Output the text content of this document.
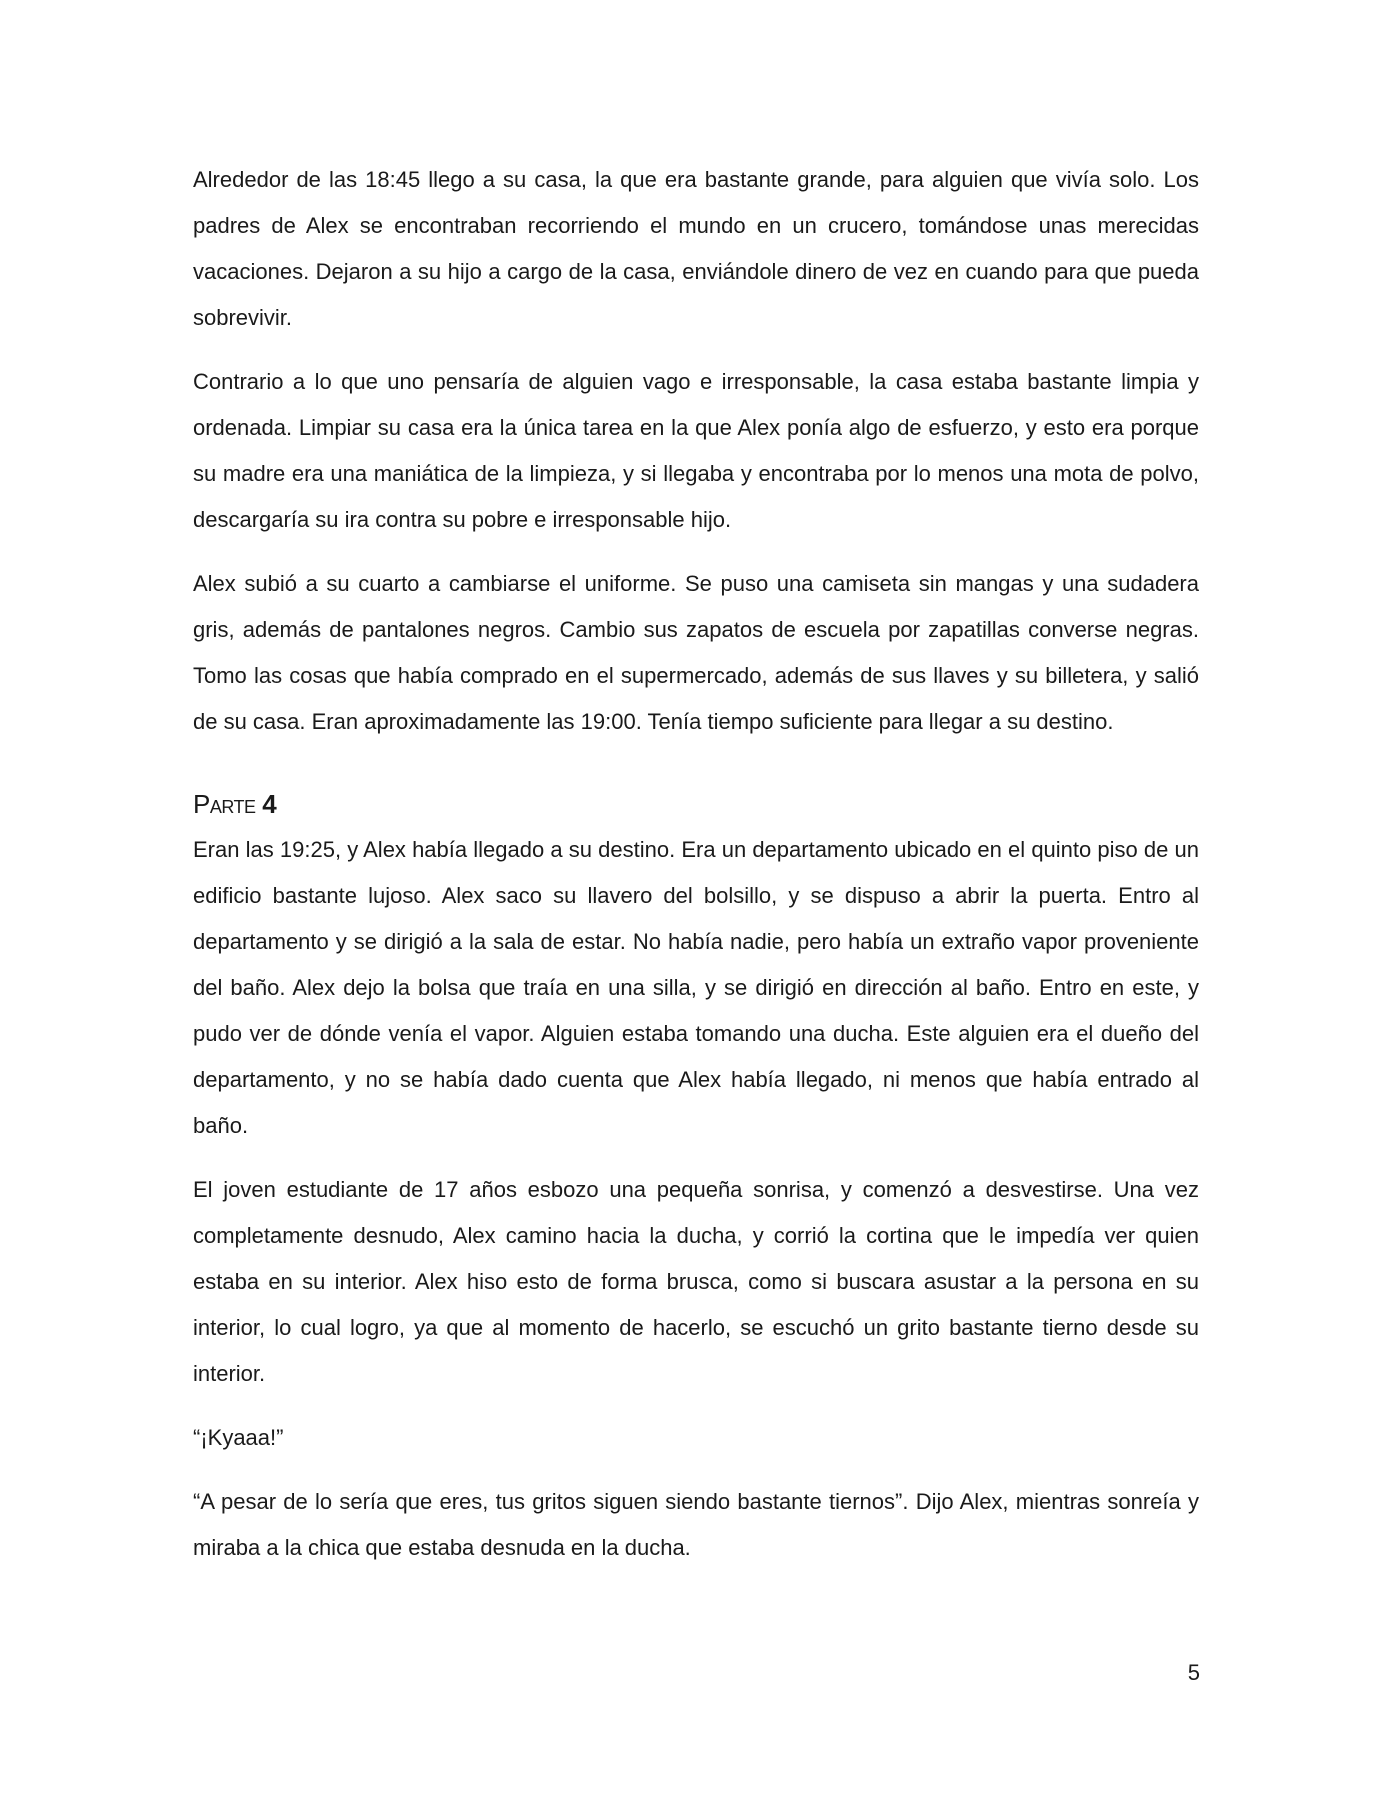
Alrededor de las 18:45 llego a su casa, la que era bastante grande, para alguien que vivía solo. Los padres de Alex se encontraban recorriendo el mundo en un crucero, tomándose unas merecidas vacaciones. Dejaron a su hijo a cargo de la casa, enviándole dinero de vez en cuando para que pueda sobrevivir.

Contrario a lo que uno pensaría de alguien vago e irresponsable, la casa estaba bastante limpia y ordenada. Limpiar su casa era la única tarea en la que Alex ponía algo de esfuerzo, y esto era porque su madre era una maniática de la limpieza, y si llegaba y encontraba por lo menos una mota de polvo, descargaría su ira contra su pobre e irresponsable hijo.

Alex subió a su cuarto a cambiarse el uniforme. Se puso una camiseta sin mangas y una sudadera gris, además de pantalones negros. Cambio sus zapatos de escuela por zapatillas converse negras. Tomo las cosas que había comprado en el supermercado, además de sus llaves y su billetera, y salió de su casa. Eran aproximadamente las 19:00. Tenía tiempo suficiente para llegar a su destino.

Parte 4

Eran las 19:25, y Alex había llegado a su destino. Era un departamento ubicado en el quinto piso de un edificio bastante lujoso. Alex saco su llavero del bolsillo, y se dispuso a abrir la puerta. Entro al departamento y se dirigió a la sala de estar. No había nadie, pero había un extraño vapor proveniente del baño. Alex dejo la bolsa que traía en una silla, y se dirigió en dirección al baño. Entro en este, y pudo ver de dónde venía el vapor. Alguien estaba tomando una ducha. Este alguien era el dueño del departamento, y no se había dado cuenta que Alex había llegado, ni menos que había entrado al baño.

El joven estudiante de 17 años esbozo una pequeña sonrisa, y comenzó a desvestirse. Una vez completamente desnudo, Alex camino hacia la ducha, y corrió la cortina que le impedía ver quien estaba en su interior. Alex hiso esto de forma brusca, como si buscara asustar a la persona en su interior, lo cual logro, ya que al momento de hacerlo, se escuchó un grito bastante tierno desde su interior.

“¡Kyaaa!”

“A pesar de lo sería que eres, tus gritos siguen siendo bastante tiernos”. Dijo Alex, mientras sonreía y miraba a la chica que estaba desnuda en la ducha.

5
